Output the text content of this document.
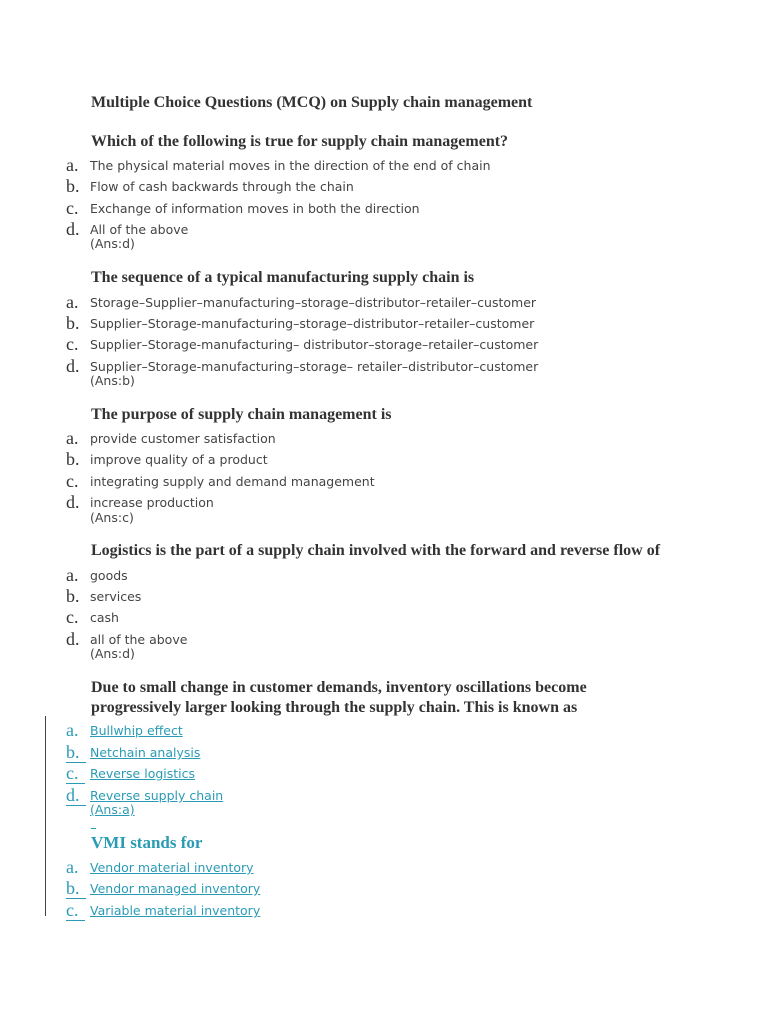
Multiple Choice Questions (MCQ) on Supply chain management

Which of the following is true for supply chain management?

a. The physical material moves in the direction of the end of chain
b. Flow of cash backwards through the chain
c. Exchange of information moves in both the direction
d. All of the above
(Ans:d)

The sequence of a typical manufacturing supply chain is

a. Storage–Supplier–manufacturing–storage–distributor–retailer–customer
b. Supplier–Storage-manufacturing–storage–distributor–retailer–customer
c. Supplier–Storage-manufacturing– distributor–storage–retailer–customer
d. Supplier–Storage-manufacturing–storage– retailer–distributor–customer
(Ans:b)

The purpose of supply chain management is

a. provide customer satisfaction
b. improve quality of a product
c. integrating supply and demand management
d. increase production
(Ans:c)

Logistics is the part of a supply chain involved with the forward and reverse flow of

a. goods
b. services
c. cash
d. all of the above
(Ans:d)

Due to small change in customer demands, inventory oscillations become

progressively larger looking through the supply chain. This is known as

a. Bullwhip effect
b. Netchain analysis
c. Reverse logistics
d. Reverse supply chain
(Ans:a)

VMI stands for

a. Vendor material inventory
b. Vendor managed inventory
c. Variable material inventory
